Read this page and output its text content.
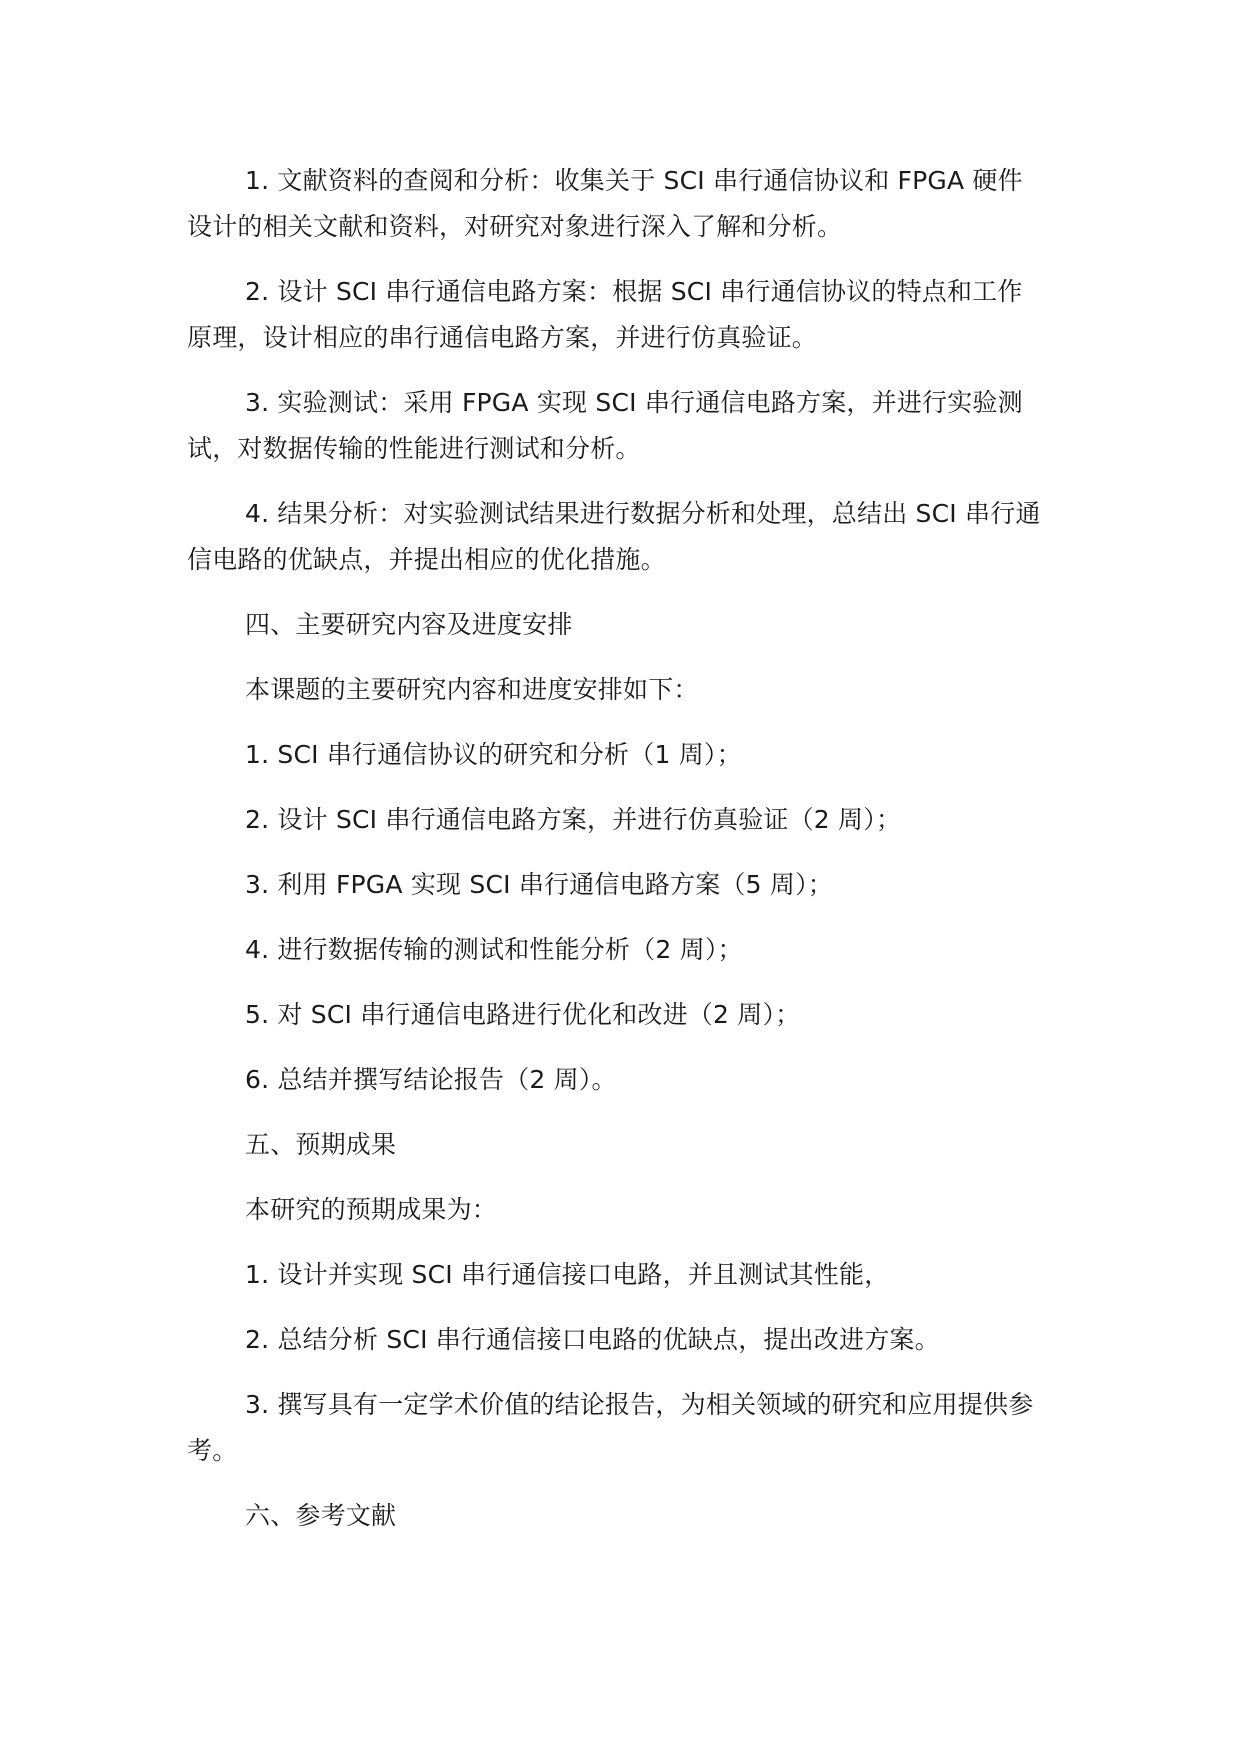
1. 文献资料的查阅和分析：收集关于 SCI 串行通信协议和 FPGA 硬件设计的相关文献和资料，对研究对象进行深入了解和分析。

2. 设计 SCI 串行通信电路方案：根据 SCI 串行通信协议的特点和工作原理，设计相应的串行通信电路方案，并进行仿真验证。

3. 实验测试：采用 FPGA 实现 SCI 串行通信电路方案，并进行实验测试，对数据传输的性能进行测试和分析。

4. 结果分析：对实验测试结果进行数据分析和处理，总结出 SCI 串行通信电路的优缺点，并提出相应的优化措施。

四、主要研究内容及进度安排

本课题的主要研究内容和进度安排如下：

1. SCI 串行通信协议的研究和分析（1 周）；

2. 设计 SCI 串行通信电路方案，并进行仿真验证（2 周）；

3. 利用 FPGA 实现 SCI 串行通信电路方案（5 周）；

4. 进行数据传输的测试和性能分析（2 周）；

5. 对 SCI 串行通信电路进行优化和改进（2 周）；

6. 总结并撰写结论报告（2 周）。

五、预期成果

本研究的预期成果为：

1. 设计并实现 SCI 串行通信接口电路，并且测试其性能，

2. 总结分析 SCI 串行通信接口电路的优缺点，提出改进方案。

3. 撰写具有一定学术价值的结论报告，为相关领域的研究和应用提供参考。

六、参考文献
